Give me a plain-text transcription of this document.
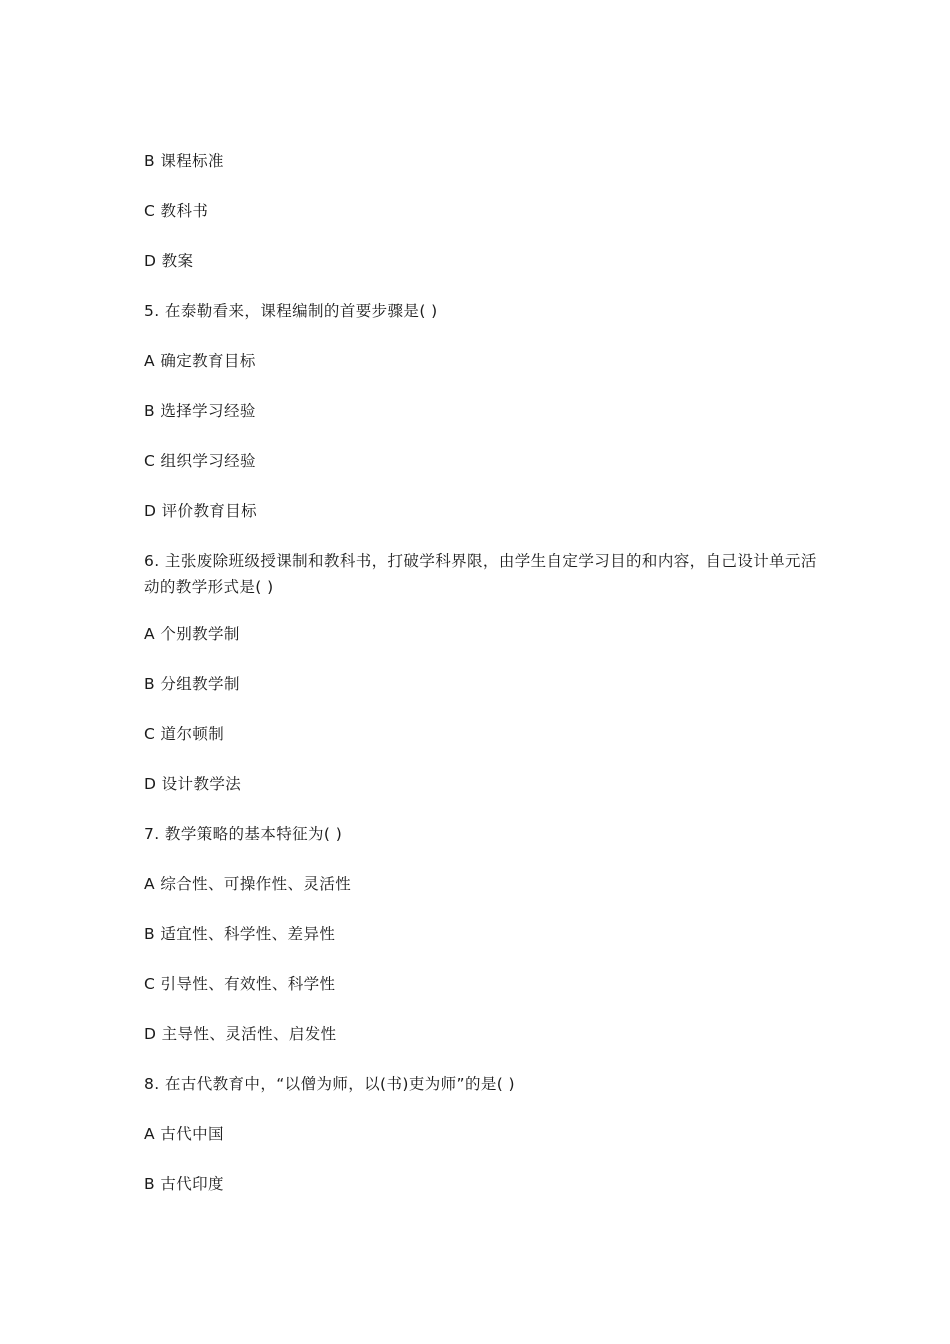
B 课程标准
C 教科书
D 教案
5. 在泰勒看来，课程编制的首要步骤是( )
A 确定教育目标
B 选择学习经验
C 组织学习经验
D 评价教育目标
6. 主张废除班级授课制和教科书，打破学科界限，由学生自定学习目的和内容，自己设计单元活动的教学形式是( )
A 个别教学制
B 分组教学制
C 道尔顿制
D 设计教学法
7. 教学策略的基本特征为( )
A 综合性、可操作性、灵活性
B 适宜性、科学性、差异性
C 引导性、有效性、科学性
D 主导性、灵活性、启发性
8. 在古代教育中，“以僧为师，以(书)吏为师”的是( )
A 古代中国
B 古代印度
